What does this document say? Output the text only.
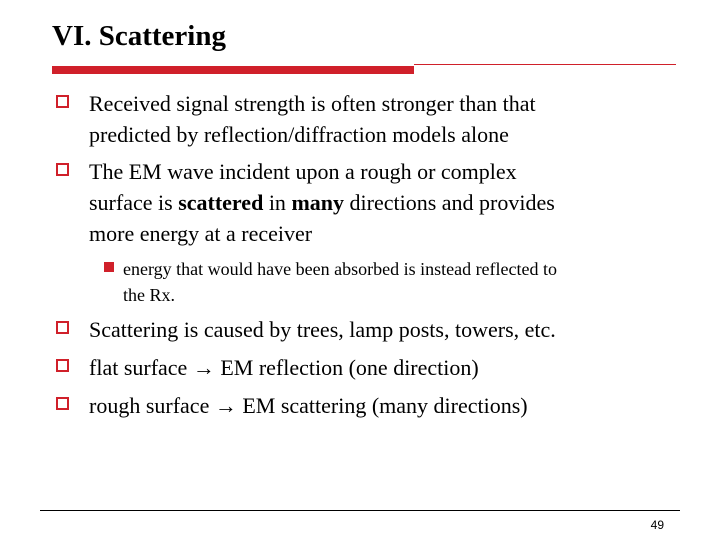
VI. Scattering
Received signal strength is often stronger than that
predicted by reflection/diffraction models alone
The EM wave incident upon a rough or complex
surface is scattered in many directions and provides
more energy at a receiver
energy that would have been absorbed is instead reflected to
the Rx.
Scattering is caused by trees, lamp posts, towers, etc.
flat surface → EM reflection (one direction)
rough surface → EM scattering (many directions)
49
